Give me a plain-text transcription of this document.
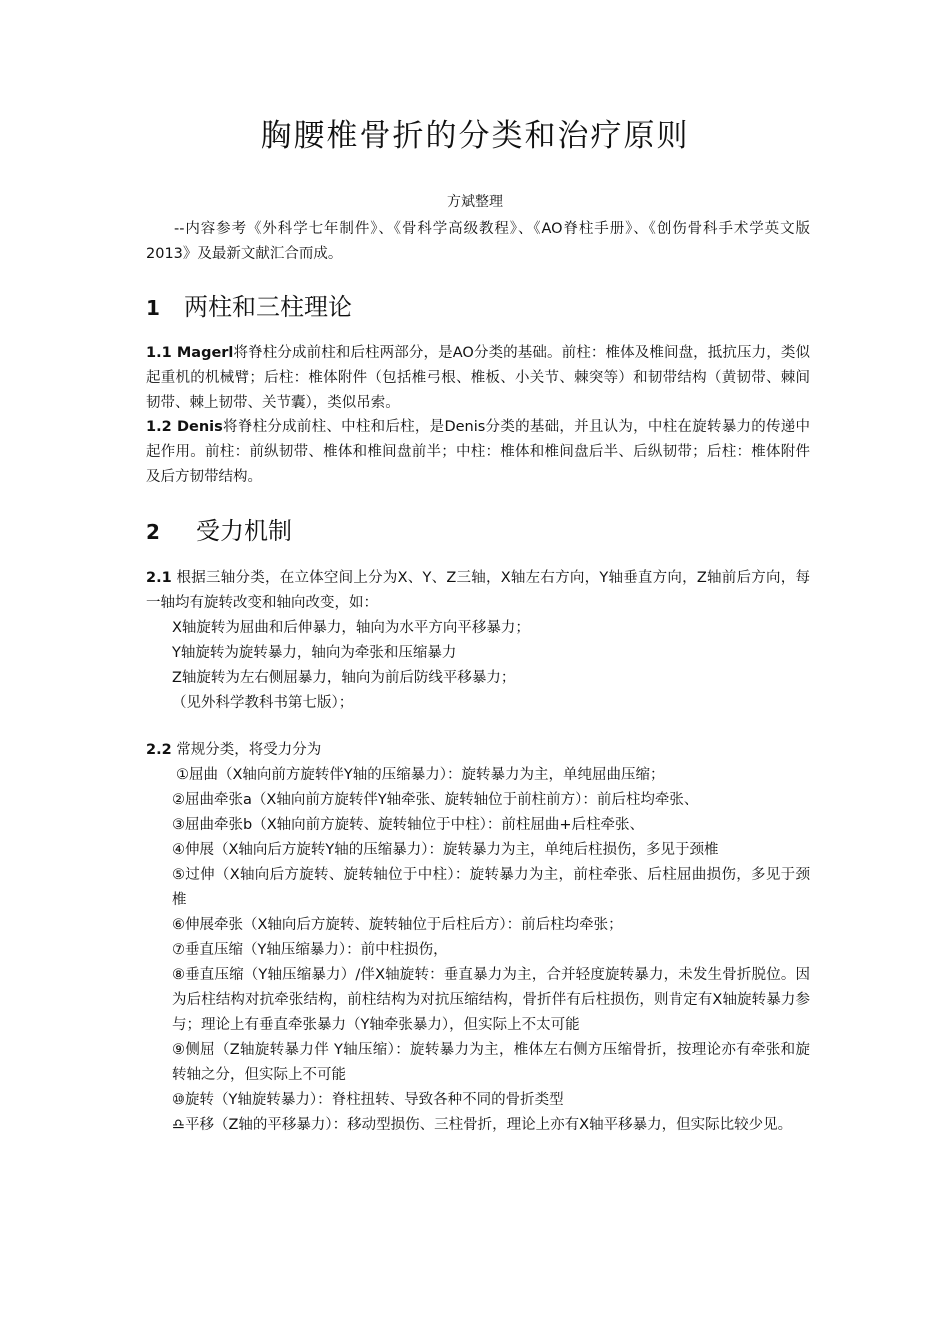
胸腰椎骨折的分类和治疗原则
方斌整理

--内容参考《外科学七年制件》、《骨科学高级教程》、《AO脊柱手册》、《创伤骨科手术学英文版2013》及最新文献汇合而成。

1 两柱和三柱理论

1.1 Magerl将脊柱分成前柱和后柱两部分，是AO分类的基础。前柱：椎体及椎间盘，抵抗压力，类似起重机的机械臂；后柱：椎体附件（包括椎弓根、椎板、小关节、棘突等）和韧带结构（黄韧带、棘间韧带、棘上韧带、关节囊），类似吊索。

1.2 Denis将脊柱分成前柱、中柱和后柱，是Denis分类的基础，并且认为，中柱在旋转暴力的传递中起作用。前柱：前纵韧带、椎体和椎间盘前半；中柱：椎体和椎间盘后半、后纵韧带；后柱：椎体附件及后方韧带结构。

2 受力机制

2.1 根据三轴分类，在立体空间上分为X、Y、Z三轴，X轴左右方向，Y轴垂直方向，Z轴前后方向，每一轴均有旋转改变和轴向改变，如：

X轴旋转为屈曲和后伸暴力，轴向为水平方向平移暴力；

Y轴旋转为旋转暴力，轴向为牵张和压缩暴力

Z轴旋转为左右侧屈暴力，轴向为前后防线平移暴力；

（见外科学教科书第七版）；

2.2 常规分类，将受力分为

①屈曲（X轴向前方旋转伴Y轴的压缩暴力）：旋转暴力为主，单纯屈曲压缩；
②屈曲牵张a（X轴向前方旋转伴Y轴牵张、旋转轴位于前柱前方）：前后柱均牵张、
③屈曲牵张b（X轴向前方旋转、旋转轴位于中柱）：前柱屈曲+后柱牵张、
④伸展（X轴向后方旋转Y轴的压缩暴力）：旋转暴力为主，单纯后柱损伤，多见于颈椎
⑤过伸（X轴向后方旋转、旋转轴位于中柱）：旋转暴力为主，前柱牵张、后柱屈曲损伤，多见于颈椎
⑥伸展牵张（X轴向后方旋转、旋转轴位于后柱后方）：前后柱均牵张；
⑦垂直压缩（Y轴压缩暴力）：前中柱损伤，
⑧垂直压缩（Y轴压缩暴力）/伴X轴旋转：垂直暴力为主，合并轻度旋转暴力，未发生骨折脱位。因为后柱结构对抗牵张结构，前柱结构为对抗压缩结构，骨折伴有后柱损伤，则肯定有X轴旋转暴力参与；理论上有垂直牵张暴力（Y轴牵张暴力），但实际上不太可能
⑨侧屈（Z轴旋转暴力伴 Y轴压缩）：旋转暴力为主，椎体左右侧方压缩骨折，按理论亦有牵张和旋转轴之分，但实际上不可能
⑩旋转（Y轴旋转暴力）：脊柱扭转、导致各种不同的骨折类型
♎平移（Z轴的平移暴力）：移动型损伤、三柱骨折，理论上亦有X轴平移暴力，但实际比较少见。
